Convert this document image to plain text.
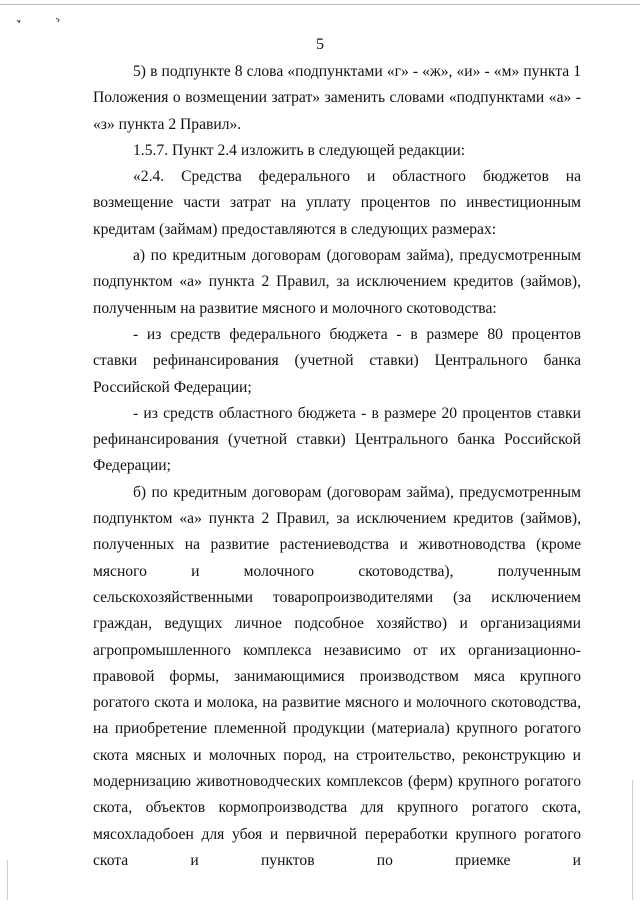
5

5) в подпункте 8 слова «подпунктами «г» - «ж», «и» - «м» пункта 1 Положения о возмещении затрат» заменить словами «подпунктами «а» - «з» пункта 2 Правил».

1.5.7. Пункт 2.4 изложить в следующей редакции:

«2.4. Средства федерального и областного бюджетов на возмещение части затрат на уплату процентов по инвестиционным кредитам (займам) предоставляются в следующих размерах:

а) по кредитным договорам (договорам займа), предусмотренным подпунктом «а» пункта 2 Правил, за исключением кредитов (займов), полученным на развитие мясного и молочного скотоводства:

- из средств федерального бюджета - в размере 80 процентов ставки рефинансирования (учетной ставки) Центрального банка Российской Федерации;

- из средств областного бюджета - в размере 20 процентов ставки рефинансирования (учетной ставки) Центрального банка Российской Федерации;

б) по кредитным договорам (договорам займа), предусмотренным подпунктом «а» пункта 2 Правил, за исключением кредитов (займов), полученных на развитие растениеводства и животноводства (кроме мясного и молочного скотоводства), полученным сельскохозяйственными товаропроизводителями (за исключением граждан, ведущих личное подсобное хозяйство) и организациями агропромышленного комплекса независимо от их организационно-правовой формы, занимающимися производством мяса крупного рогатого скота и молока, на развитие мясного и молочного скотоводства, на приобретение племенной продукции (материала) крупного рогатого скота мясных и молочных пород, на строительство, реконструкцию и модернизацию животноводческих комплексов (ферм) крупного рогатого скота, объектов кормопроизводства для крупного рогатого скота, мясохладобоен для убоя и первичной переработки крупного рогатого скота и пунктов по приемке и
